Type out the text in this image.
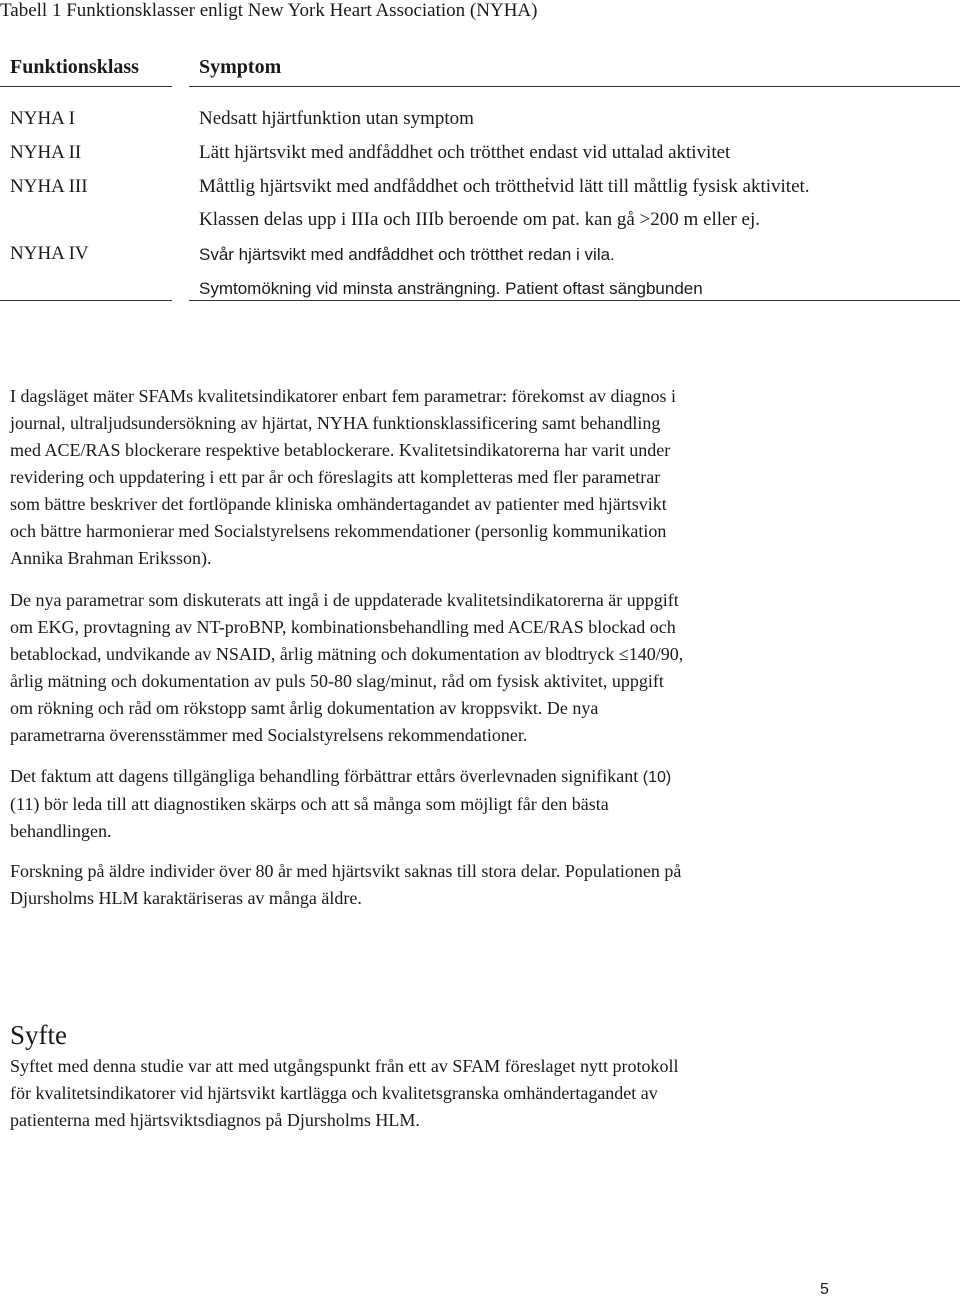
Tabell 1 Funktionsklasser enligt New York Heart Association (NYHA)
Funktionsklass	Symptom
NYHA I	Nedsatt hjärtfunktion utan symptom
NYHA II	Lätt hjärtsvikt med andfåddhet och trötthet endast vid uttalad aktivitet
NYHA III	Måttlig hjärtsvikt med andfåddhet och tröttheṫvid lätt till måttlig fysisk aktivitet.
Klassen delas upp i IIIa och IIIb beroende om pat. kan gå >200 m eller ej.
NYHA IV	Svår hjärtsvikt med andfåddhet och trötthet redan i vila.
Symtomökning vid minsta ansträngning. Patient oftast sängbunden
I dagsläget mäter SFAMs kvalitetsindikatorer enbart fem parametrar: förekomst av diagnos i
journal, ultraljudsundersökning av hjärtat, NYHA funktionsklassificering samt behandling
med ACE/RAS blockerare respektive betablockerare. Kvalitetsindikatorerna har varit under
revidering och uppdatering i ett par år och föreslagits att kompletteras med fler parametrar
som bättre beskriver det fortlöpande kliniska omhändertagandet av patienter med hjärtsvikt
och bättre harmonierar med Socialstyrelsens rekommendationer (personlig kommunikation
Annika Brahman Eriksson).
De nya parametrar som diskuterats att ingå i de uppdaterade kvalitetsindikatorerna är uppgift
om EKG, provtagning av NT-proBNP, kombinationsbehandling med ACE/RAS blockad och
betablockad, undvikande av NSAID, årlig mätning och dokumentation av blodtryck ≤140/90,
årlig mätning och dokumentation av puls 50-80 slag/minut, råd om fysisk aktivitet, uppgift
om rökning och råd om rökstopp samt årlig dokumentation av kroppsvikt. De nya
parametrarna överensstämmer med Socialstyrelsens rekommendationer.
Det faktum att dagens tillgängliga behandling förbättrar ettårs överlevnaden signifikant (10)
(11) bör leda till att diagnostiken skärps och att så många som möjligt får den bästa
behandlingen.
Forskning på äldre individer över 80 år med hjärtsvikt saknas till stora delar. Populationen på
Djursholms HLM karaktäriseras av många äldre.
Syfte
Syftet med denna studie var att med utgångspunkt från ett av SFAM föreslaget nytt protokoll
för kvalitetsindikatorer vid hjärtsvikt kartlägga och kvalitetsgranska omhändertagandet av
patienterna med hjärtsviktsdiagnos på Djursholms HLM.
5
